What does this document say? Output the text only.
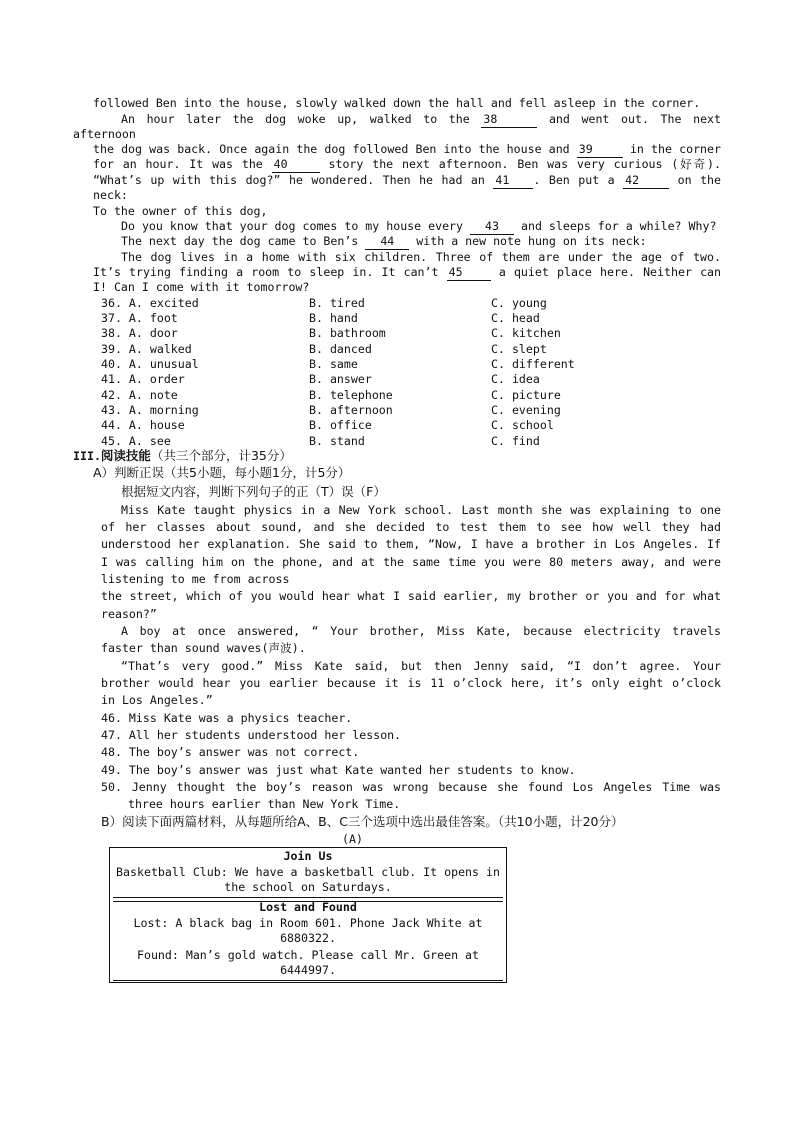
followed Ben into the house, slowly walked down the hall and fell asleep in the corner.
An hour later the dog woke up, walked to the 38	and went out. The next
afternoon
the dog was back. Once again the dog followed Ben into the house and 39	in the corner
for an hour. It was the 40	story the next afternoon. Ben was very curious (好奇).
“What’s up with this dog?” he wondered. Then he had an 41 . Ben put a 42	on the
neck:
To the owner of this dog,
Do you know that your dog comes to my house every 43 and sleeps for a while? Why?
The next day the dog came to Ben’s 44 with a new note hung on its neck:
The dog lives in a home with six children. Three of them are under the age of two.
It’s trying finding a room to sleep in. It can’t 45	a quiet place here. Neither can
I! Can I come with it tomorrow?
36. A. excited	B. tired	C. young
37. A. foot	B. hand	C. head
38. A. door	B. bathroom	C. kitchen
39. A. walked	B. danced	C. slept
40. A. unusual	B. same	C. different
41. A. order	B. answer	C. idea
42. A. note	B. telephone	C. picture
43. A. morning	B. afternoon	C. evening
44. A. house	B. office	C. school
45. A. see	B. stand	C. find
III.阅读技能（共三个部分，计35分）
A）判断正误（共5小题，每小题1分，计5分）
根据短文内容，判断下列句子的正（T）误（F）
Miss Kate taught physics in a New York school. Last month she was explaining to one
of her classes about sound, and she decided to test them to see how well they had
understood her explanation. She said to them, “Now, I have a brother in Los Angeles. If
I was calling him on the phone, and at the same time you were 80 meters away, and were
listening to me from across
the street, which of you would hear what I said earlier, my brother or you and for what
reason?”
A boy at once answered, “ Your brother, Miss Kate, because electricity travels
faster than sound waves(声波).
“That’s very good.” Miss Kate said, but then Jenny said, “I don’t agree. Your
brother would hear you earlier because it is 11 o’clock here, it’s only eight o’clock
in Los Angeles.”
46. Miss Kate was a physics teacher.
47. All her students understood her lesson.
48. The boy’s answer was not correct.
49. The boy’s answer was just what Kate wanted her students to know.
50. Jenny thought the boy’s reason was wrong because she found Los Angeles Time was
three hours earlier than New York Time.
B）阅读下面两篇材料，从每题所给A、B、C三个选项中选出最佳答案。（共10小题，计20分）
(A)
Join Us
Basketball Club: We have a basketball club. It opens in the school on Saturdays.
Lost and Found
Lost: A black bag in Room 601. Phone Jack White at 6880322.
Found: Man’s gold watch. Please call Mr. Green at 6444997.
